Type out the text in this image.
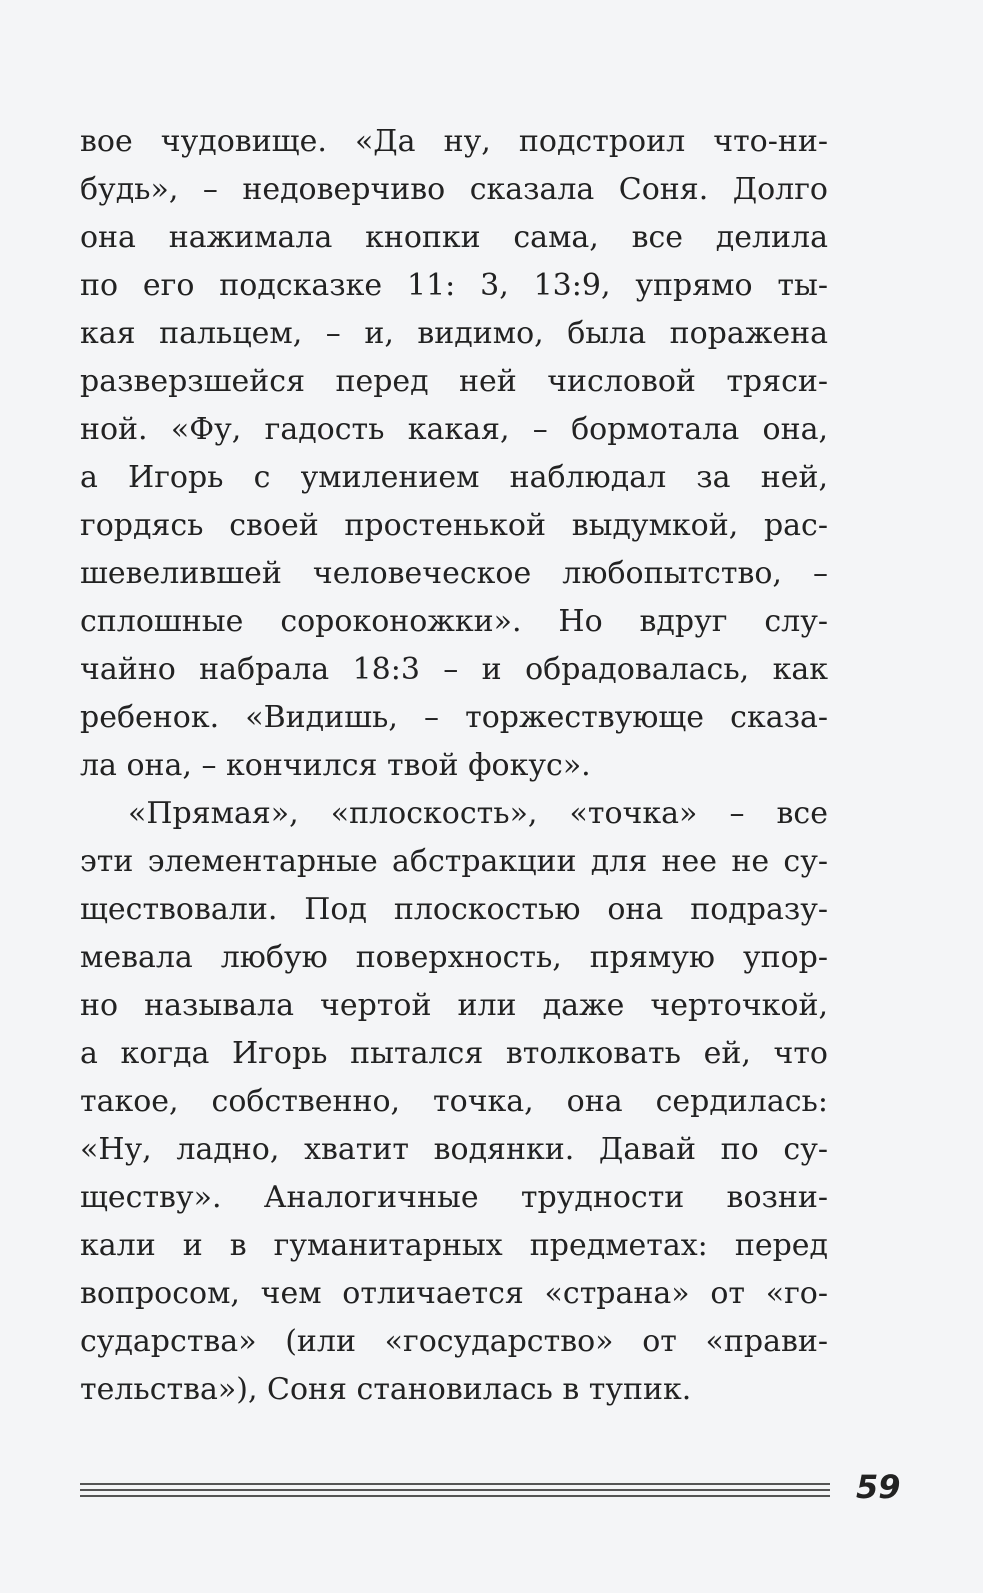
вое чудовище. «Да ну, подстроил что-ни-
будь», – недоверчиво сказала Соня. Долго
она нажимала кнопки сама, все делила
по его подсказке 11: 3, 13:9, упрямо ты-
кая пальцем, – и, видимо, была поражена
разверзшейся перед ней числовой тряси-
ной. «Фу, гадость какая, – бормотала она,
а Игорь с умилением наблюдал за ней,
гордясь своей простенькой выдумкой, рас-
шевелившей человеческое любопытство, –
сплошные сороконожки». Но вдруг слу-
чайно набрала 18:3 – и обрадовалась, как
ребенок. «Видишь, – торжествующе сказа-
ла она, – кончился твой фокус».
«Прямая», «плоскость», «точка» – все
эти элементарные абстракции для нее не су-
ществовали. Под плоскостью она подразу-
мевала любую поверхность, прямую упор-
но называла чертой или даже черточкой,
а когда Игорь пытался втолковать ей, что
такое, собственно, точка, она сердилась:
«Ну, ладно, хватит водянки. Давай по су-
ществу». Аналогичные трудности возни-
кали и в гуманитарных предметах: перед
вопросом, чем отличается «страна» от «го-
сударства» (или «государство» от «прави-
тельства»), Соня становилась в тупик.
59
